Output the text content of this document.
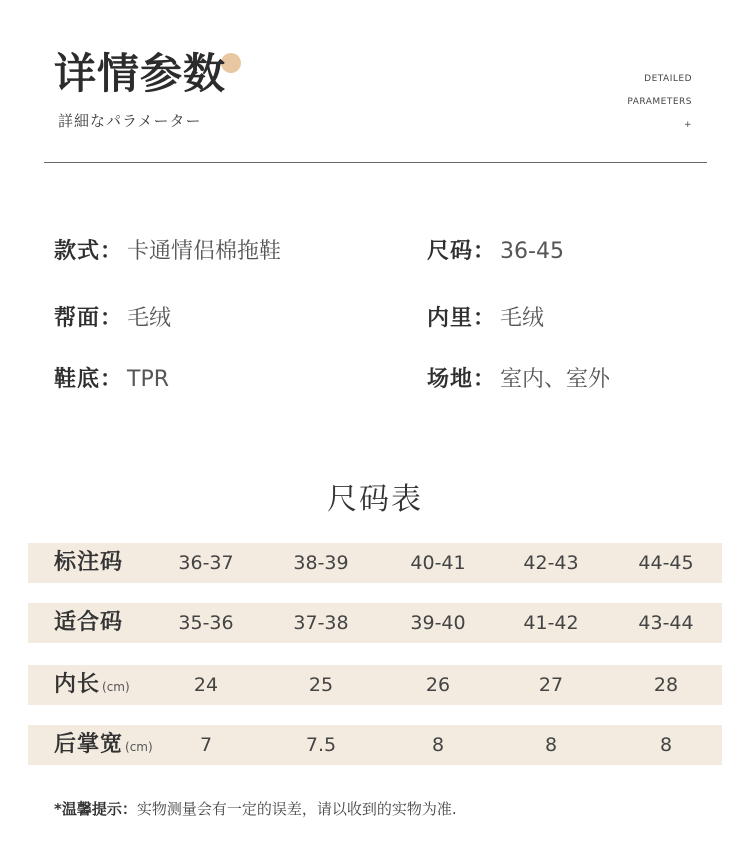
详情参数
詳細なパラメーター
DETAILED
PARAMETERS
+
款式： 卡通情侣棉拖鞋	尺码： 36-45
帮面： 毛绒	内里： 毛绒
鞋底： TPR	场地： 室内、室外
尺码表
标注码	36-37	38-39	40-41	42-43	44-45
适合码	35-36	37-38	39-40	41-42	43-44
内长 (cm)	24	25	26	27	28
后掌宽 (cm)	7	7.5	8	8	8
*温馨提示：实物测量会有一定的误差，请以收到的实物为准.
